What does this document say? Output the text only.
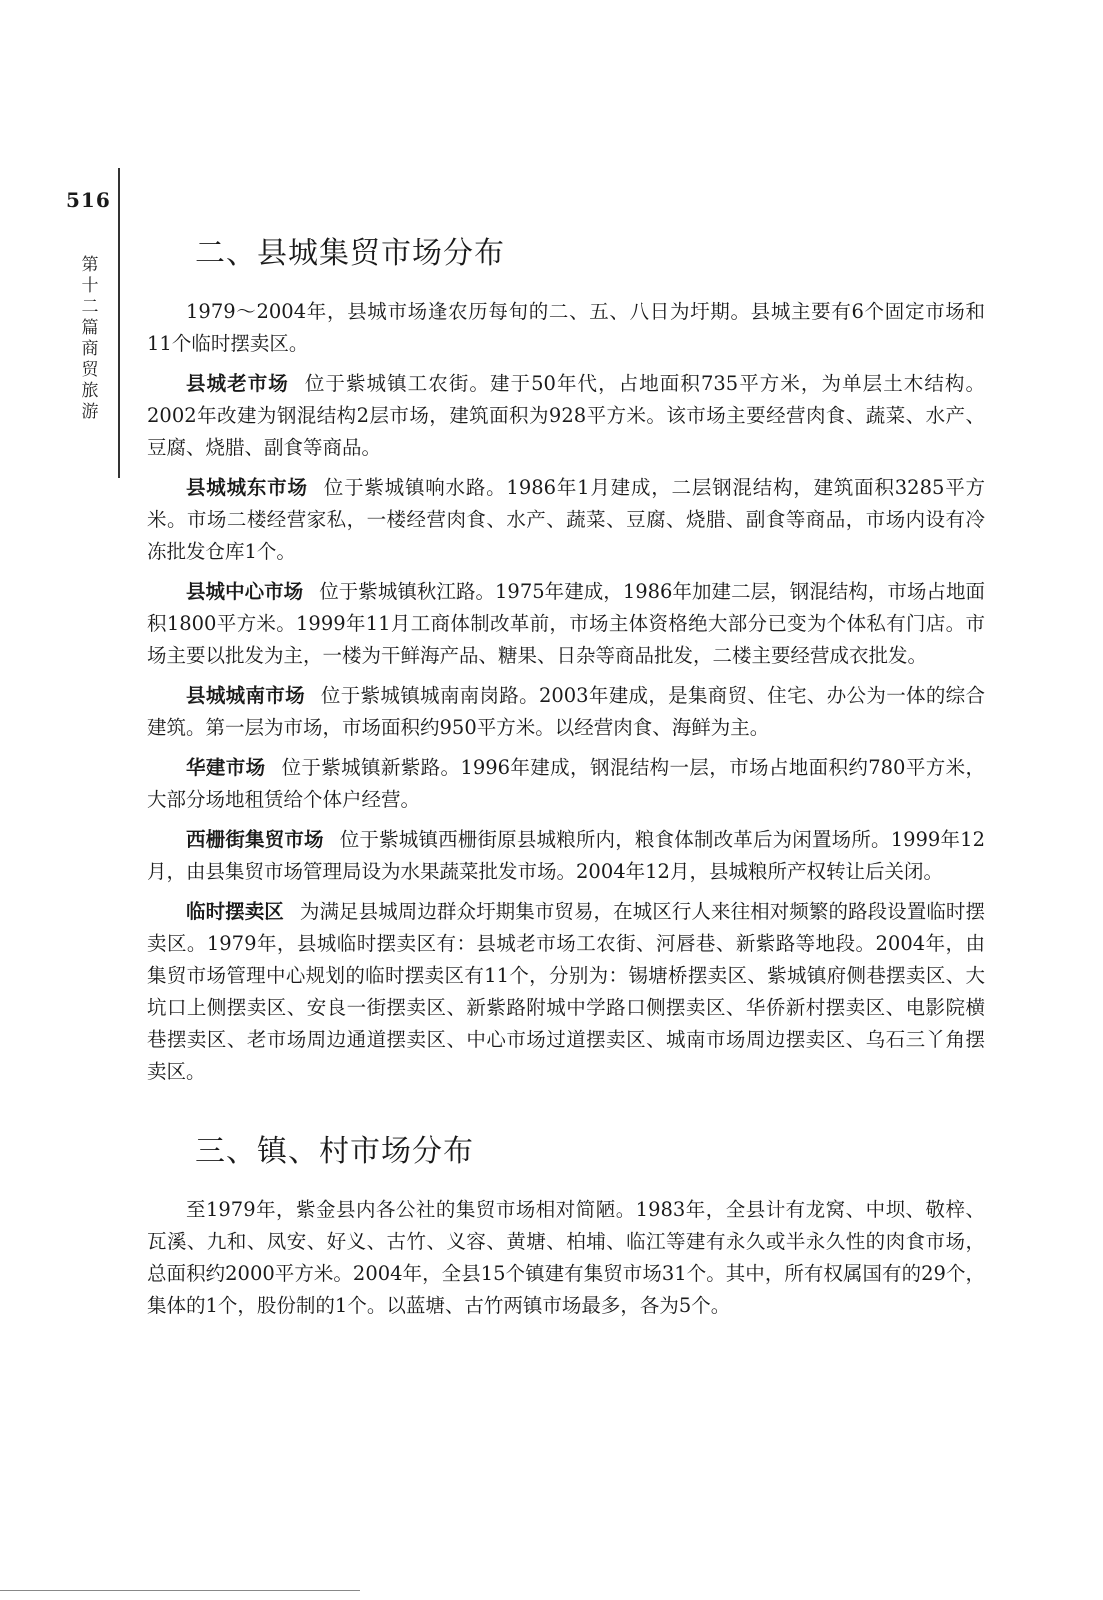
516
第十二篇 商贸 旅游
二、县城集贸市场分布

1979～2004年，县城市场逢农历每旬的二、五、八日为圩期。县城主要有6个固定市场和11个临时摆卖区。

县城老市场 位于紫城镇工农街。建于50年代，占地面积735平方米，为单层土木结构。2002年改建为钢混结构2层市场，建筑面积为928平方米。该市场主要经营肉食、蔬菜、水产、豆腐、烧腊、副食等商品。

县城城东市场 位于紫城镇响水路。1986年1月建成，二层钢混结构，建筑面积3285平方米。市场二楼经营家私，一楼经营肉食、水产、蔬菜、豆腐、烧腊、副食等商品，市场内设有冷冻批发仓库1个。

县城中心市场 位于紫城镇秋江路。1975年建成，1986年加建二层，钢混结构，市场占地面积1800平方米。1999年11月工商体制改革前，市场主体资格绝大部分已变为个体私有门店。市场主要以批发为主，一楼为干鲜海产品、糖果、日杂等商品批发，二楼主要经营成衣批发。

县城城南市场 位于紫城镇城南南岗路。2003年建成，是集商贸、住宅、办公为一体的综合建筑。第一层为市场，市场面积约950平方米。以经营肉食、海鲜为主。

华建市场 位于紫城镇新紫路。1996年建成，钢混结构一层，市场占地面积约780平方米，大部分场地租赁给个体户经营。

西栅街集贸市场 位于紫城镇西栅街原县城粮所内，粮食体制改革后为闲置场所。1999年12月，由县集贸市场管理局设为水果蔬菜批发市场。2004年12月，县城粮所产权转让后关闭。

临时摆卖区 为满足县城周边群众圩期集市贸易，在城区行人来往相对频繁的路段设置临时摆卖区。1979年，县城临时摆卖区有：县城老市场工农街、河唇巷、新紫路等地段。2004年，由集贸市场管理中心规划的临时摆卖区有11个，分别为：锡塘桥摆卖区、紫城镇府侧巷摆卖区、大坑口上侧摆卖区、安良一街摆卖区、新紫路附城中学路口侧摆卖区、华侨新村摆卖区、电影院横巷摆卖区、老市场周边通道摆卖区、中心市场过道摆卖区、城南市场周边摆卖区、乌石三丫角摆卖区。

三、镇、村市场分布

至1979年，紫金县内各公社的集贸市场相对简陋。1983年，全县计有龙窝、中坝、敬梓、瓦溪、九和、凤安、好义、古竹、义容、黄塘、柏埔、临江等建有永久或半永久性的肉食市场，总面积约2000平方米。2004年，全县15个镇建有集贸市场31个。其中，所有权属国有的29个，集体的1个，股份制的1个。以蓝塘、古竹两镇市场最多，各为5个。
